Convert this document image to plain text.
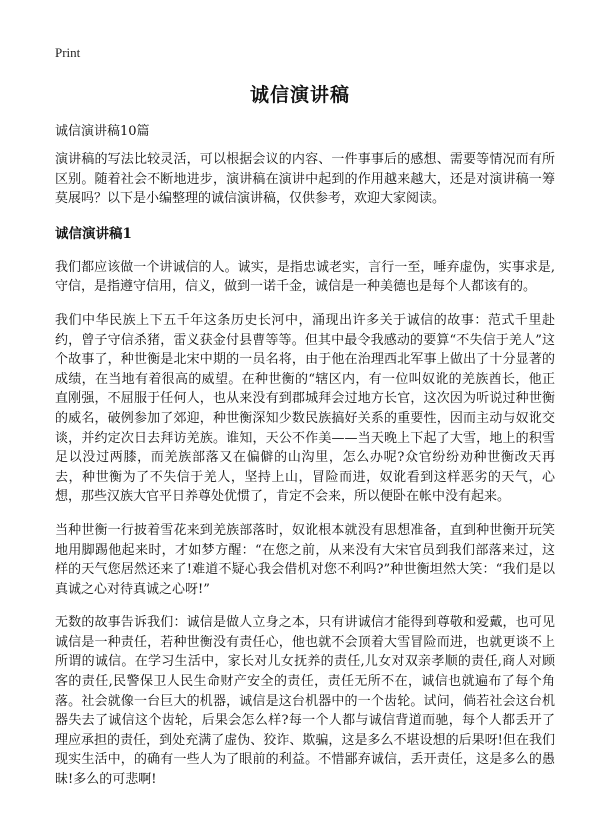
Print
诚信演讲稿
诚信演讲稿10篇

演讲稿的写法比较灵活，可以根据会议的内容、一件事事后的感想、需要等情况而有所区别。随着社会不断地进步，演讲稿在演讲中起到的作用越来越大，还是对演讲稿一筹莫展吗？以下是小编整理的诚信演讲稿，仅供参考，欢迎大家阅读。

诚信演讲稿1

我们都应该做一个讲诚信的人。诚实，是指忠诚老实，言行一至，唾弃虚伪，实事求是,守信，是指遵守信用，信义，做到一诺千金，诚信是一种美德也是每个人都该有的。

我们中华民族上下五千年这条历史长河中，涌现出许多关于诚信的故事：范式千里赴约，曾子守信杀猪，雷义获金付县曹等等。但其中最令我感动的要算“不失信于羌人”这个故事了，种世衡是北宋中期的一员名将，由于他在治理西北军事上做出了十分显著的成绩，在当地有着很高的威望。在种世衡的“辖区内，有一位叫奴讹的羌族酋长，他正直刚强，不屈服于任何人，也从来没有到郡城拜会过地方长官，这次因为听说过种世衡的威名，破例参加了郊迎，种世衡深知少数民族搞好关系的重要性，因而主动与奴讹交谈，并约定次日去拜访羌族。谁知，天公不作美——当天晚上下起了大雪，地上的积雪足以没过两膝，而羌族部落又在偏僻的山沟里，怎么办呢?众官纷纷劝种世衡改天再去，种世衡为了不失信于羌人，坚持上山，冒险而进，奴讹看到这样恶劣的天气，心想，那些汉族大官平日养尊处优惯了，肯定不会来，所以便卧在帐中没有起来。

当种世衡一行披着雪花来到羌族部落时，奴讹根本就没有思想准备，直到种世衡开玩笑地用脚踢他起来时，才如梦方醒：“在您之前，从来没有大宋官员到我们部落来过，这样的天气您居然还来了!难道不疑心我会借机对您不利吗?”种世衡坦然大笑：“我们是以真诚之心对待真诚之心呀!”

无数的故事告诉我们：诚信是做人立身之本，只有讲诚信才能得到尊敬和爱戴，也可见诚信是一种责任，若种世衡没有责任心，他也就不会顶着大雪冒险而进，也就更谈不上所谓的诚信。在学习生活中，家长对儿女抚养的责任,儿女对双亲孝顺的责任,商人对顾客的责任,民警保卫人民生命财产安全的责任，责任无所不在，诚信也就遍布了每个角落。社会就像一台巨大的机器，诚信是这台机器中的一个齿轮。试问，倘若社会这台机器失去了诚信这个齿轮，后果会怎么样?每一个人都与诚信背道而驰，每个人都丢开了理应承担的责任，到处充满了虚伪、狡诈、欺骗，这是多么不堪设想的后果呀!但在我们现实生活中，的确有一些人为了眼前的利益。不惜鄙弃诚信，丢开责任，这是多么的愚昧!多么的可悲啊!
